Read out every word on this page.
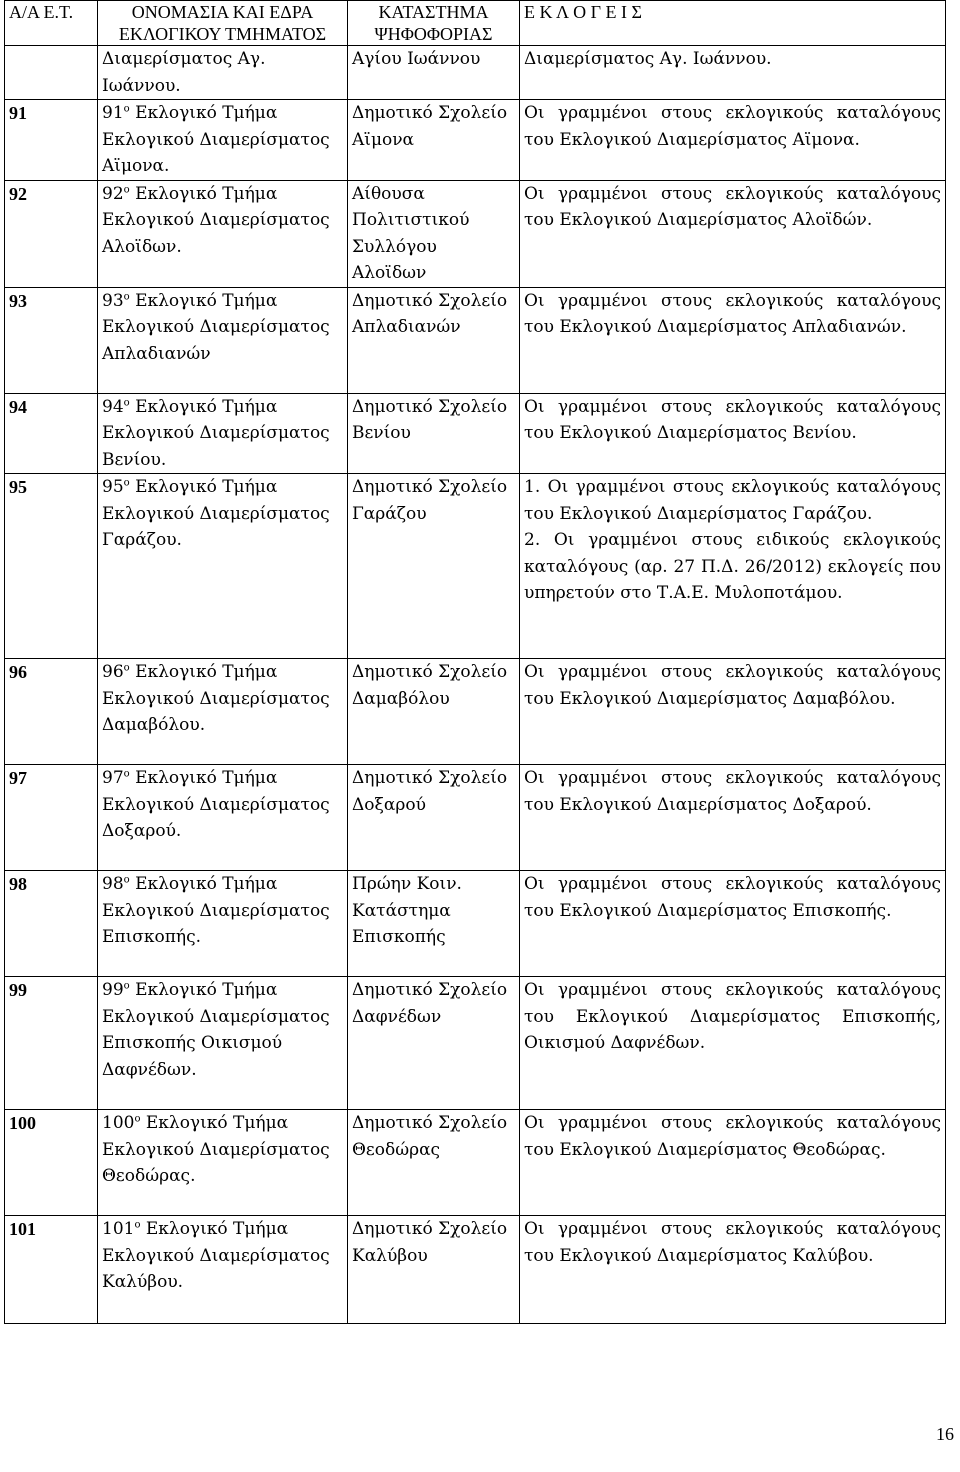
Α/Α Ε.Τ.	ΟΝΟΜΑΣΙΑ ΚΑΙ ΕΔΡΑ ΕΚΛΟΓΙΚΟΥ ΤΜΗΜΑΤΟΣ	ΚΑΤΑΣΤΗΜΑ ΨΗΦΟΦΟΡΙΑΣ	Ε Κ Λ Ο Γ Ε Ι Σ
	Διαμερίσματος Αγ. Ιωάννου.	Αγίου Ιωάννου	Διαμερίσματος Αγ. Ιωάννου.
91	$91^o$ Εκλογικό Τμήμα Εκλογικού Διαμερίσματος Αϊμονα.	Δημοτικό Σχολείο Αϊμονα	Οι γραμμένοι στους εκλογικούς καταλόγους του Εκλογικού Διαμερίσματος Αϊμονα.

92	$92^o$ Εκλογικό Τμήμα Εκλογικού Διαμερίσματος Αλοϊδων.	Αίθουσα Πολιτιστικού Συλλόγου Αλοϊδων	Οι γραμμένοι στους εκλογικούς καταλόγους του Εκλογικού Διαμερίσματος Αλοϊδών.

93	$93^o$ Εκλογικό Τμήμα Εκλογικού Διαμερίσματος Απλαδιανών	Δημοτικό Σχολείο Απλαδιανών	Οι γραμμένοι στους εκλογικούς καταλόγους του Εκλογικού Διαμερίσματος Απλαδιανών.

94	$94^o$ Εκλογικό Τμήμα Εκλογικού Διαμερίσματος Βενίου.	Δημοτικό Σχολείο Βενίου	Οι γραμμένοι στους εκλογικούς καταλόγους του Εκλογικού Διαμερίσματος Βενίου.

95	$95^o$ Εκλογικό Τμήμα Εκλογικού Διαμερίσματος Γαράζου.	Δημοτικό Σχολείο Γαράζου	1. Οι γραμμένοι στους εκλογικούς καταλόγους του Εκλογικού Διαμερίσματος Γαράζου.
2. Οι γραμμένοι στους ειδικούς εκλογικούς καταλόγους (αρ. 27 Π.Δ. 26/2012) εκλογείς που υπηρετούν στο Τ.Α.Ε. Μυλοποτάμου.

96	$96^o$ Εκλογικό Τμήμα Εκλογικού Διαμερίσματος Δαμαβόλου.	Δημοτικό Σχολείο Δαμαβόλου	Οι γραμμένοι στους εκλογικούς καταλόγους του Εκλογικού Διαμερίσματος Δαμαβόλου.

97	$97^o$ Εκλογικό Τμήμα Εκλογικού Διαμερίσματος Δοξαρού.	Δημοτικό Σχολείο Δοξαρού	Οι γραμμένοι στους εκλογικούς καταλόγους του Εκλογικού Διαμερίσματος Δοξαρού.

98	$98^o$ Εκλογικό Τμήμα Εκλογικού Διαμερίσματος Επισκοπής.	Πρώην Κοιν. Κατάστημα Επισκοπής	Οι γραμμένοι στους εκλογικούς καταλόγους του Εκλογικού Διαμερίσματος Επισκοπής.

99	$99^o$ Εκλογικό Τμήμα Εκλογικού Διαμερίσματος Επισκοπής Οικισμού Δαφνέδων.	Δημοτικό Σχολείο Δαφνέδων	Οι γραμμένοι στους εκλογικούς καταλόγους του Εκλογικού Διαμερίσματος Επισκοπής, Οικισμού Δαφνέδων.

100	$100^o$ Εκλογικό Τμήμα Εκλογικού Διαμερίσματος Θεοδώρας.	Δημοτικό Σχολείο Θεοδώρας	Οι γραμμένοι στους εκλογικούς καταλόγους του Εκλογικού Διαμερίσματος Θεοδώρας.

101	$101^o$ Εκλογικό Τμήμα Εκλογικού Διαμερίσματος Καλύβου.	Δημοτικό Σχολείο Καλύβου	Οι γραμμένοι στους εκλογικούς καταλόγους του Εκλογικού Διαμερίσματος Καλύβου.
16
